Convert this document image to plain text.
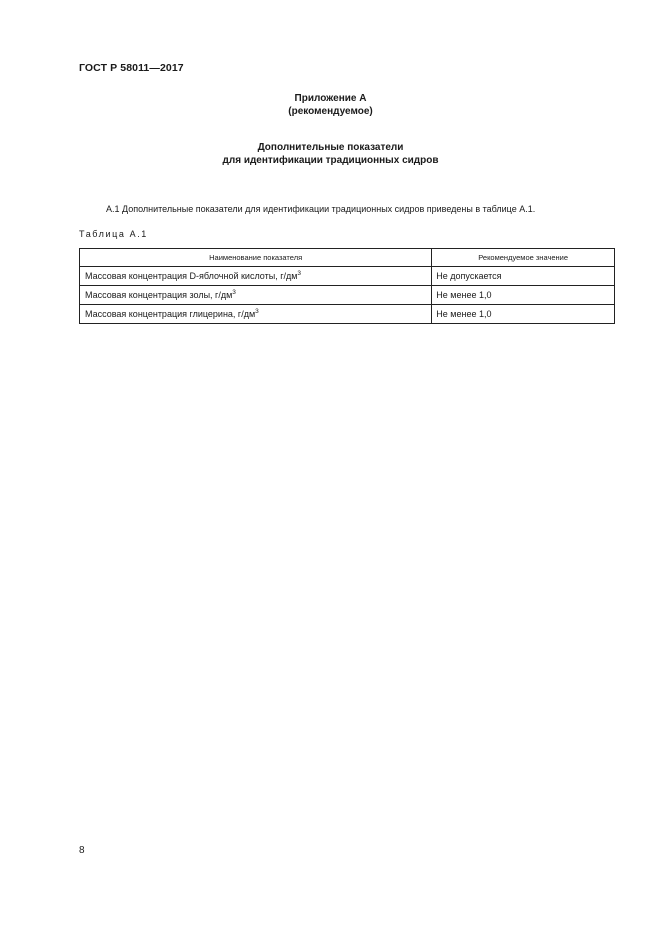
ГОСТ Р 58011—2017
Приложение А
(рекомендуемое)
Дополнительные показатели
для идентификации традиционных сидров
А.1 Дополнительные показатели для идентификации традиционных сидров приведены в таблице А.1.
Таблица А.1
Наименование показателя	Рекомендуемое значение
Массовая концентрация D-яблочной кислоты, $г/дм^3$	Не допускается
Массовая концентрация золы, $г/дм^3$	Не менее 1,0
Массовая концентрация глицерина, $г/дм^3$	Не менее 1,0
8
